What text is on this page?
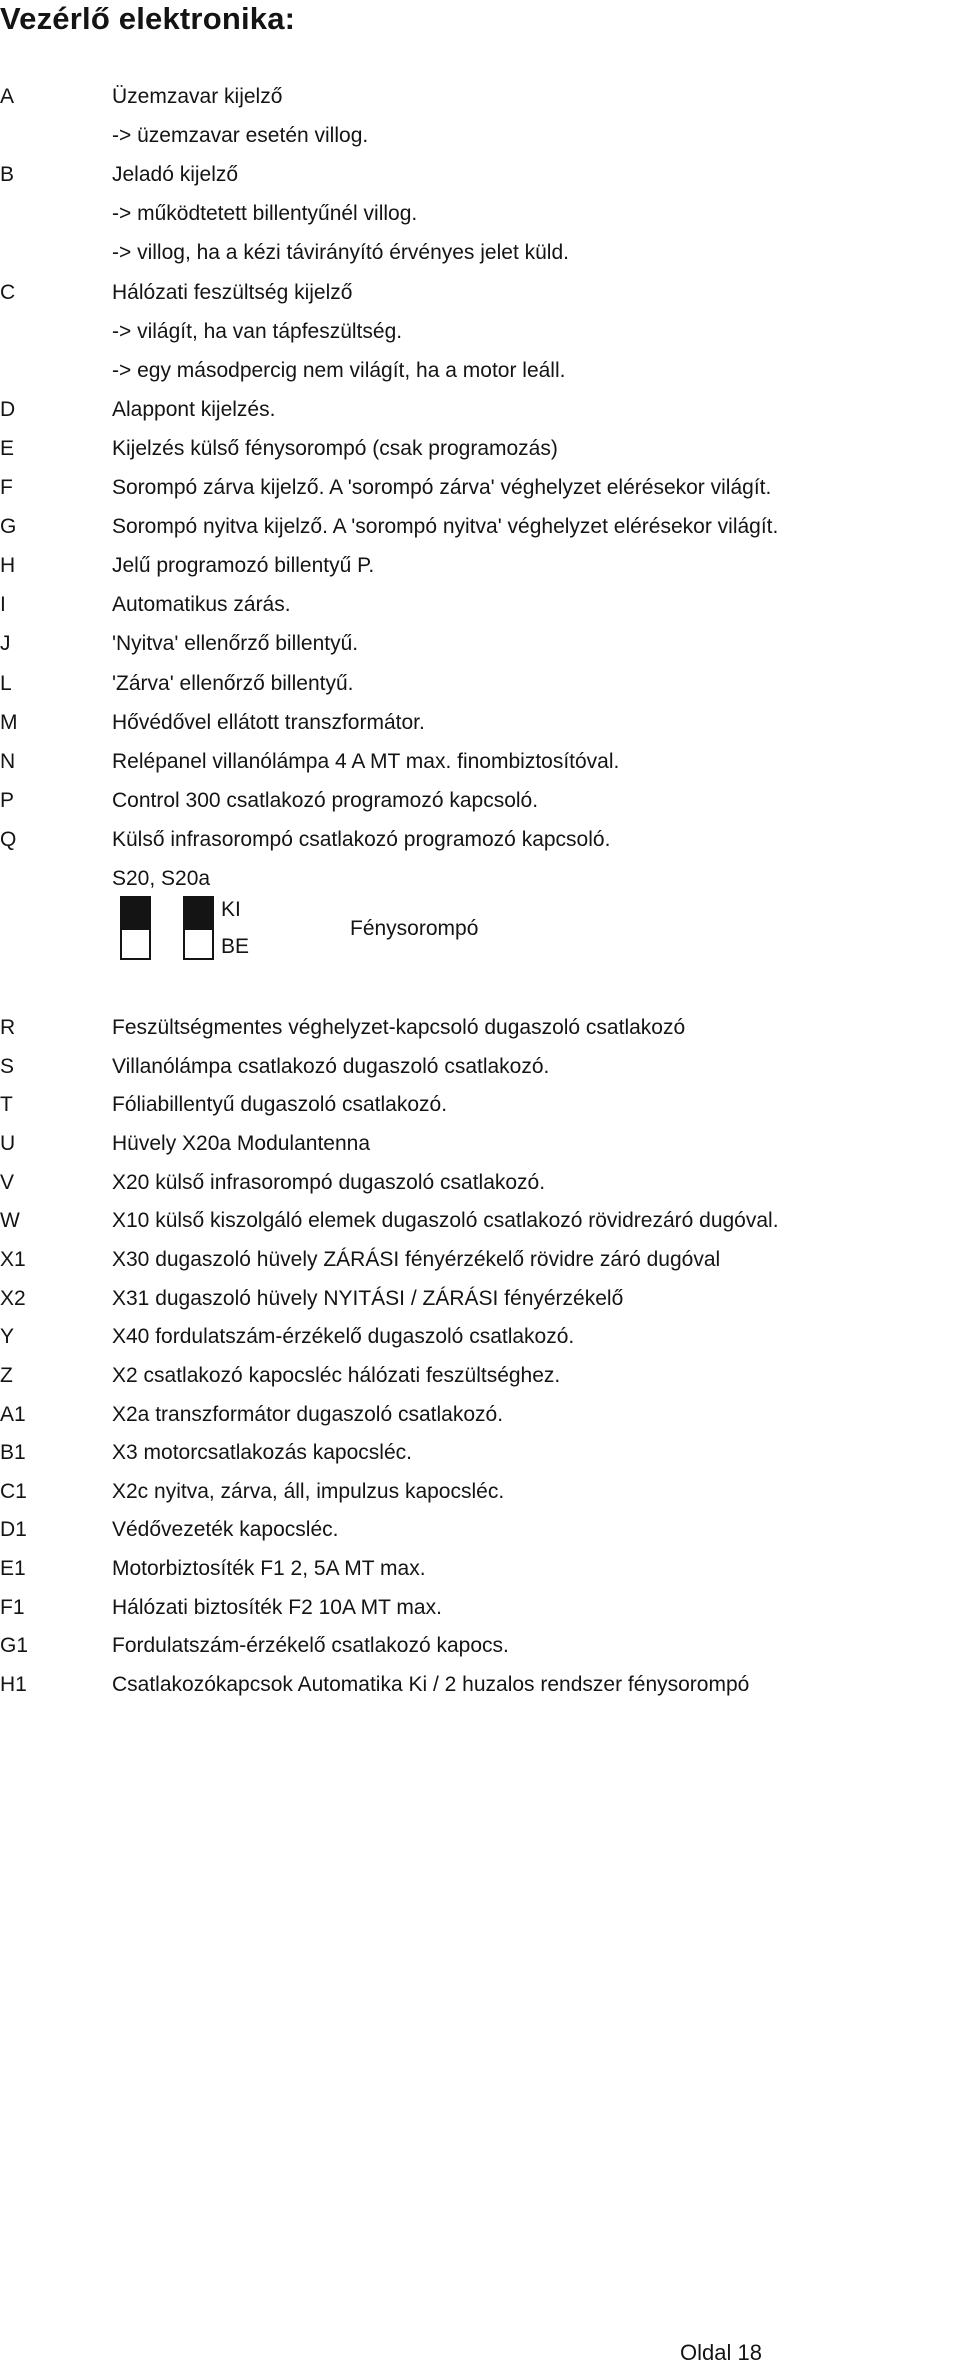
Vezérlő elektronika:
A	Üzemzavar kijelző
-> üzemzavar esetén villog.
B	Jeladó kijelző
-> működtetett billentyűnél villog.
-> villog, ha a kézi távirányító érvényes jelet küld.
C	Hálózati feszültség kijelző
-> világít, ha van tápfeszültség.
-> egy másodpercig nem világít, ha a motor leáll.
D	Alappont kijelzés.
E	Kijelzés külső fénysorompó (csak programozás)
F	Sorompó zárva kijelző. A 'sorompó zárva' véghelyzet elérésekor világít.
G	Sorompó nyitva kijelző. A 'sorompó nyitva' véghelyzet elérésekor világít.
H	Jelű programozó billentyű P.
I	Automatikus zárás.
J	'Nyitva' ellenőrző billentyű.
L	'Zárva' ellenőrző billentyű.
M	Hővédővel ellátott transzformátor.
N	Relépanel villanólámpa 4 A MT max. finombiztosítóval.
P	Control 300 csatlakozó programozó kapcsoló.
Q	Külső infrasorompó csatlakozó programozó kapcsoló.
S20, S20a
KI
BE
Fénysorompó
R	Feszültségmentes véghelyzet-kapcsoló dugaszoló csatlakozó
S	Villanólámpa csatlakozó dugaszoló csatlakozó.
T	Fóliabillentyű dugaszoló csatlakozó.
U	Hüvely X20a Modulantenna
V	X20 külső infrasorompó dugaszoló csatlakozó.
W	X10 külső kiszolgáló elemek dugaszoló csatlakozó rövidrezáró dugóval.
X1	X30 dugaszoló hüvely ZÁRÁSI fényérzékelő rövidre záró dugóval
X2	X31 dugaszoló hüvely NYITÁSI / ZÁRÁSI fényérzékelő
Y	X40 fordulatszám-érzékelő dugaszoló csatlakozó.
Z	X2 csatlakozó kapocsléc hálózati feszültséghez.
A1	X2a transzformátor dugaszoló csatlakozó.
B1	X3 motorcsatlakozás kapocsléc.
C1	X2c nyitva, zárva, áll, impulzus kapocsléc.
D1	Védővezeték kapocsléc.
E1	Motorbiztosíték F1 2, 5A MT max.
F1	Hálózati biztosíték F2 10A MT max.
G1	Fordulatszám-érzékelő csatlakozó kapocs.
H1	Csatlakozókapcsok Automatika Ki / 2 huzalos rendszer fénysorompó
Oldal 18
